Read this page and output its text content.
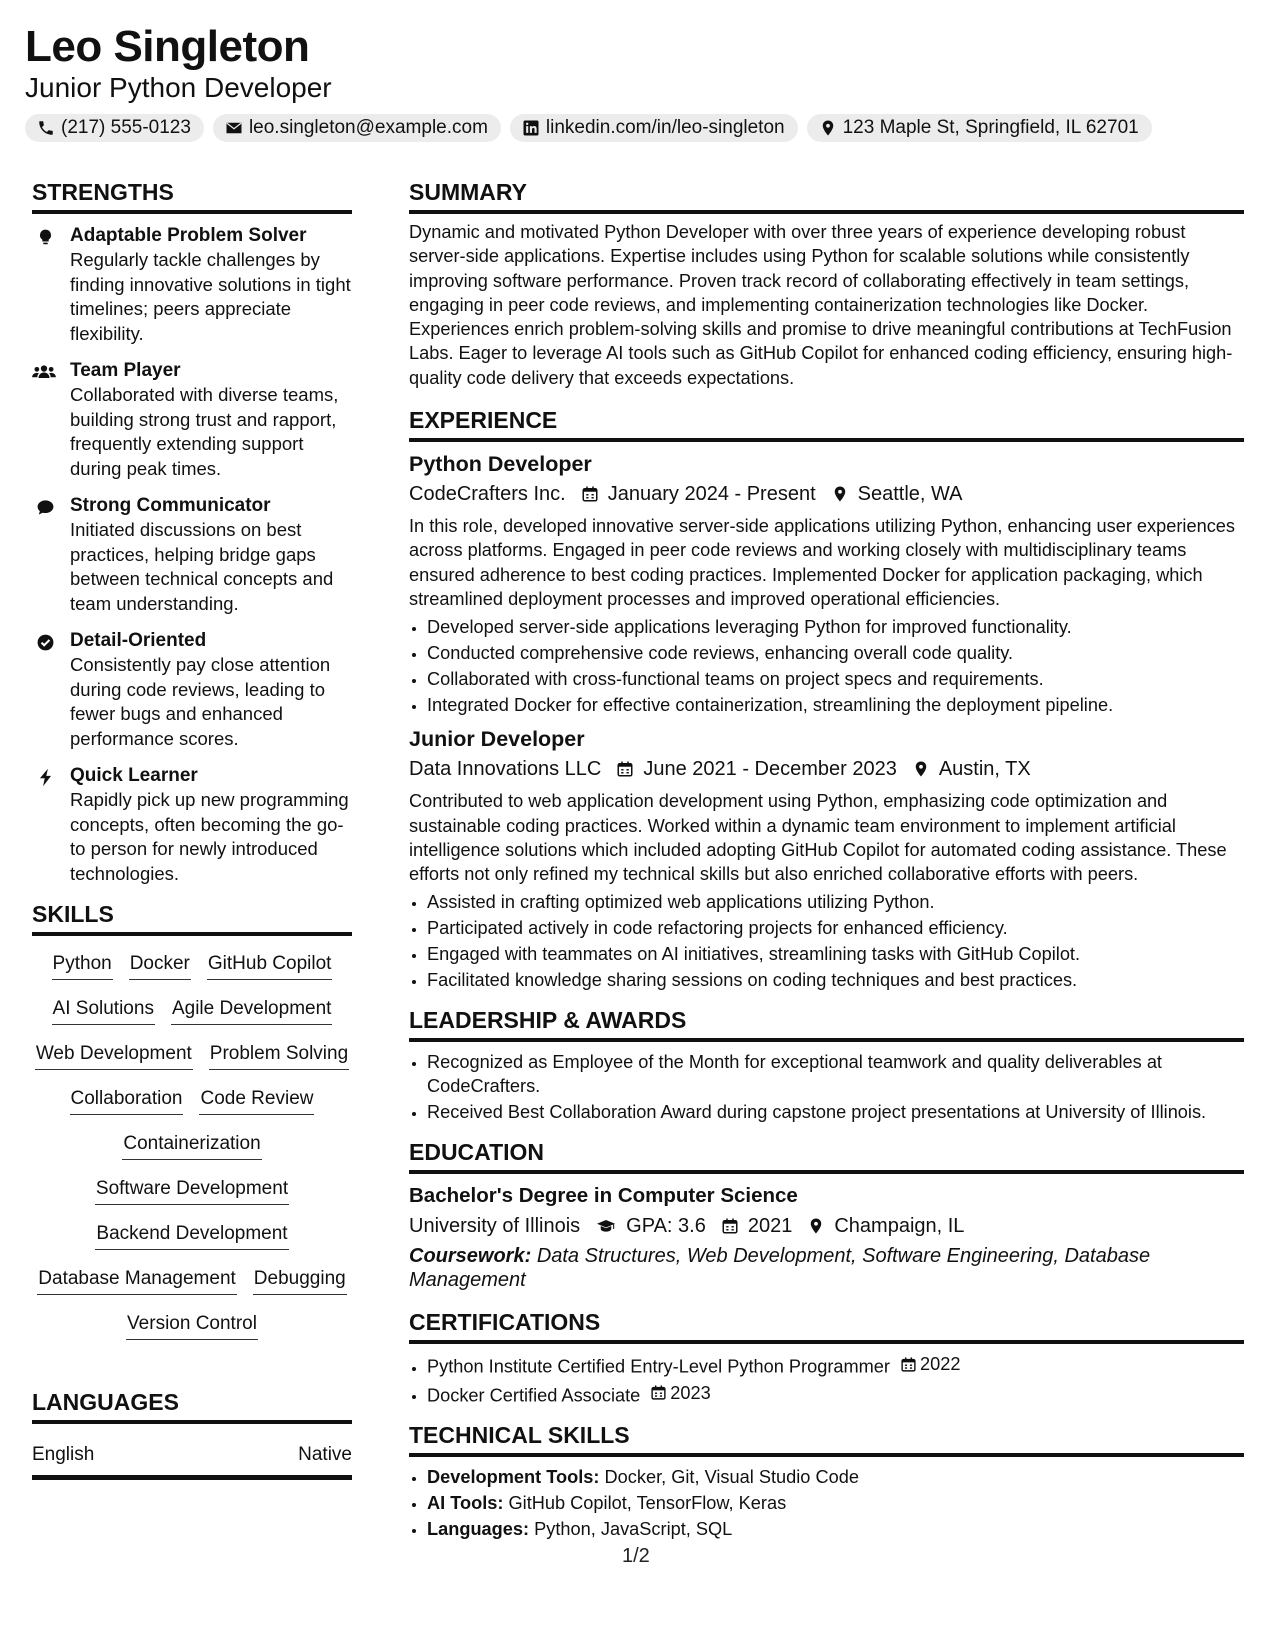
Leo Singleton
Junior Python Developer
(217) 555-0123	leo.singleton@example.com	linkedin.com/in/leo-singleton	123 Maple St, Springfield, IL 62701
STRENGTHS
Adaptable Problem Solver
Regularly tackle challenges by finding innovative solutions in tight timelines; peers appreciate flexibility.
Team Player
Collaborated with diverse teams, building strong trust and rapport, frequently extending support during peak times.
Strong Communicator
Initiated discussions on best practices, helping bridge gaps between technical concepts and team understanding.
Detail-Oriented
Consistently pay close attention during code reviews, leading to fewer bugs and enhanced performance scores.
Quick Learner
Rapidly pick up new programming concepts, often becoming the go-to person for newly introduced technologies.
SKILLS
Python Docker GitHub Copilot
AI Solutions Agile Development
Web Development Problem Solving
Collaboration Code Review
Containerization
Software Development
Backend Development
Database Management Debugging
Version Control
LANGUAGES
English	Native
SUMMARY

Dynamic and motivated Python Developer with over three years of experience developing robust server-side applications. Expertise includes using Python for scalable solutions while consistently improving software performance. Proven track record of collaborating effectively in team settings, engaging in peer code reviews, and implementing containerization technologies like Docker. Experiences enrich problem-solving skills and promise to drive meaningful contributions at TechFusion Labs. Eager to leverage AI tools such as GitHub Copilot for enhanced coding efficiency, ensuring high-quality code delivery that exceeds expectations.

EXPERIENCE
Python Developer
CodeCrafters Inc. January 2024 - Present Seattle, WA

In this role, developed innovative server-side applications utilizing Python, enhancing user experiences across platforms. Engaged in peer code reviews and working closely with multidisciplinary teams ensured adherence to best coding practices. Implemented Docker for application packaging, which streamlined deployment processes and improved operational efficiencies.

• Developed server-side applications leveraging Python for improved functionality.
• Conducted comprehensive code reviews, enhancing overall code quality.
• Collaborated with cross-functional teams on project specs and requirements.
• Integrated Docker for effective containerization, streamlining the deployment pipeline.
Junior Developer
Data Innovations LLC June 2021 - December 2023 Austin, TX

Contributed to web application development using Python, emphasizing code optimization and sustainable coding practices. Worked within a dynamic team environment to implement artificial intelligence solutions which included adopting GitHub Copilot for automated coding assistance. These efforts not only refined my technical skills but also enriched collaborative efforts with peers.

• Assisted in crafting optimized web applications utilizing Python.
• Participated actively in code refactoring projects for enhanced efficiency.
• Engaged with teammates on AI initiatives, streamlining tasks with GitHub Copilot.
• Facilitated knowledge sharing sessions on coding techniques and best practices.
LEADERSHIP & AWARDS
• Recognized as Employee of the Month for exceptional teamwork and quality deliverables at CodeCrafters.
• Received Best Collaboration Award during capstone project presentations at University of Illinois.
EDUCATION
Bachelor's Degree in Computer Science
University of Illinois GPA: 3.6 2021 Champaign, IL
Coursework: Data Structures, Web Development, Software Engineering, Database Management
CERTIFICATIONS
• Python Institute Certified Entry-Level Python Programmer 2022
• Docker Certified Associate 2023
TECHNICAL SKILLS
• Development Tools: Docker, Git, Visual Studio Code
• AI Tools: GitHub Copilot, TensorFlow, Keras
• Languages: Python, JavaScript, SQL
1/2
